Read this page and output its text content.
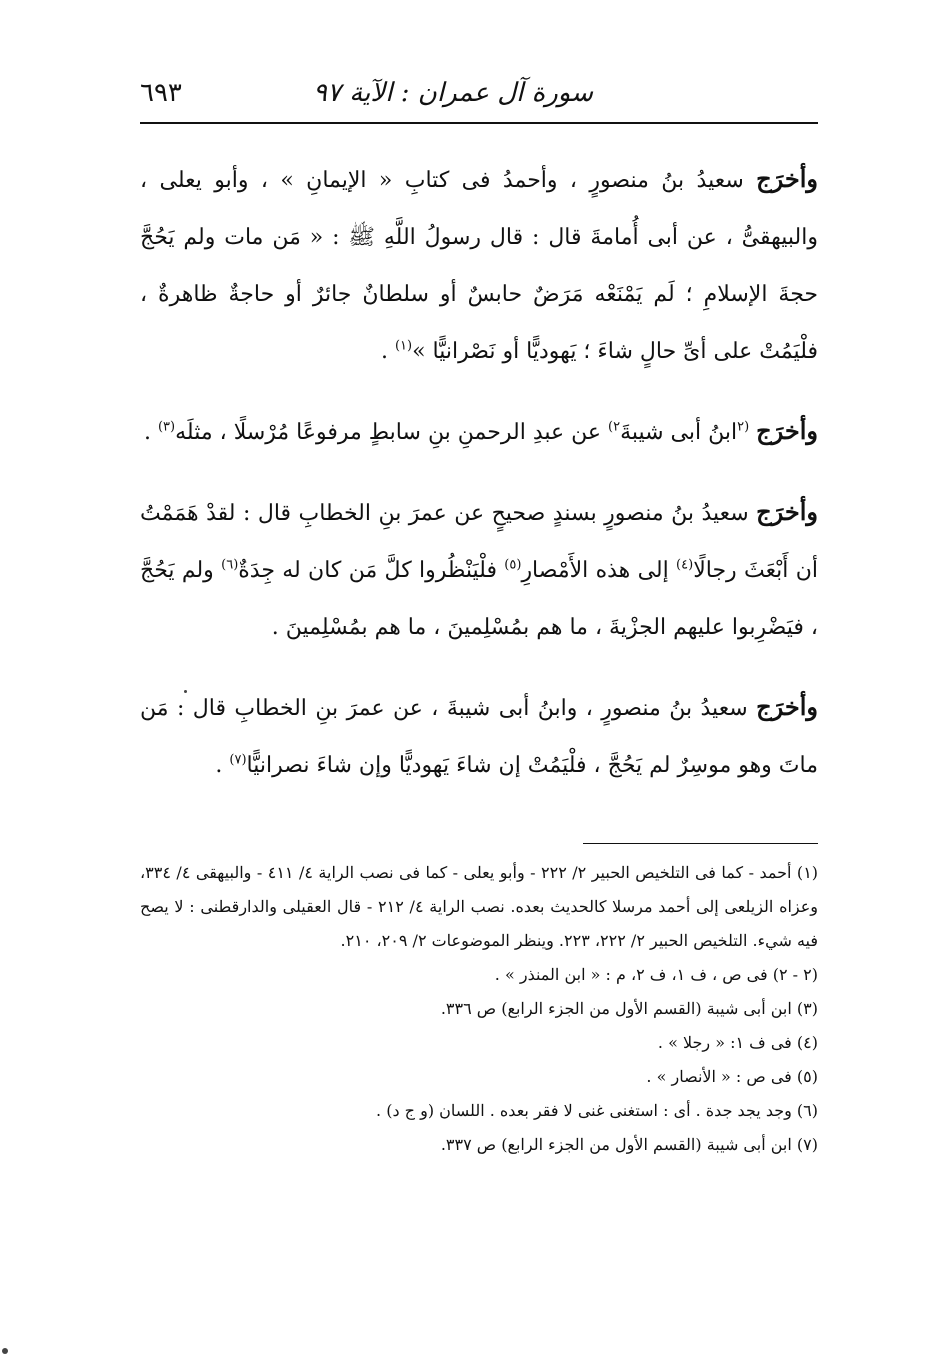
سورة آل عمران : الآية ٩٧
٦٩٣

وأخرَج سعيدُ بنُ منصورٍ ، وأحمدُ فى كتابِ « الإيمانِ » ، وأبو يعلى ، والبيهقىُّ ، عن أبى أُمامةَ قال : قال رسولُ اللَّهِ ﷺ : « مَن مات ولم يَحُجَّ حجةَ الإسلامِ ؛ لَم يَمْنَعْه مَرَضٌ حابسٌ أو سلطانٌ جائرٌ أو حاجةٌ ظاهرةٌ ، فلْيَمُتْ على أىِّ حالٍ شاءَ ؛ يَهوديًّا أو نَصْرانيًّا »$^{(١)}$ .

وأخرَج $^{(٢}$ابنُ أبى شيبةَ$^{٢)}$ عن عبدِ الرحمنِ بنِ سابطٍ مرفوعًا مُرْسلًا ، مثلَه$^{(٣)}$ .

وأخرَج سعيدُ بنُ منصورٍ بسندٍ صحيحٍ عن عمرَ بنِ الخطابِ قال : لقدْ هَمَمْتُ أن أَبْعَثَ رجالًا$^{(٤)}$ إلى هذه الأَمْصارِ$^{(٥)}$ فلْيَنْظُروا كلَّ مَن كان له جِدَةٌ$^{(٦)}$ ولم يَحُجَّ ، فيَضْرِبوا عليهم الجزْيةَ ، ما هم بمُسْلِمينَ ، ما هم بمُسْلِمينَ .

وأخرَج سعيدُ بنُ منصورٍ ، وابنُ أبى شيبةَ ، عن عمرَ بنِ الخطابِ قال : مَن ماتَ وهو موسِرٌ لم يَحُجَّ ، فلْيَمُتْ إن شاءَ يَهوديًّا وإن شاءَ نصرانيًّا$^{(٧)}$ .

(١) أحمد - كما فى التلخيص الحبير ٢/ ٢٢٢ - وأبو يعلى - كما فى نصب الراية ٤/ ٤١١ - والبيهقى ٤/ ٣٣٤، وعزاه الزيلعى إلى أحمد مرسلا كالحديث بعده. نصب الراية ٤/ ٢١٢ - قال العقيلى والدارقطنى : لا يصح فيه شيء. التلخيص الحبير ٢/ ٢٢٢، ٢٢٣. وينظر الموضوعات ٢/ ٢٠٩، ٢١٠.

(٢ - ٢) فى ص ، ف ١، ف ٢، م : « ابن المنذر » .

(٣) ابن أبى شيبة (القسم الأول من الجزء الرابع) ص ٣٣٦.

(٤) فى ف ١: « رجلا » .

(٥) فى ص : « الأنصار » .

(٦) وجد يجد جدة . أى : استغنى غنى لا فقر بعده . اللسان (و ج د) .

(٧) ابن أبى شيبة (القسم الأول من الجزء الرابع) ص ٣٣٧.
